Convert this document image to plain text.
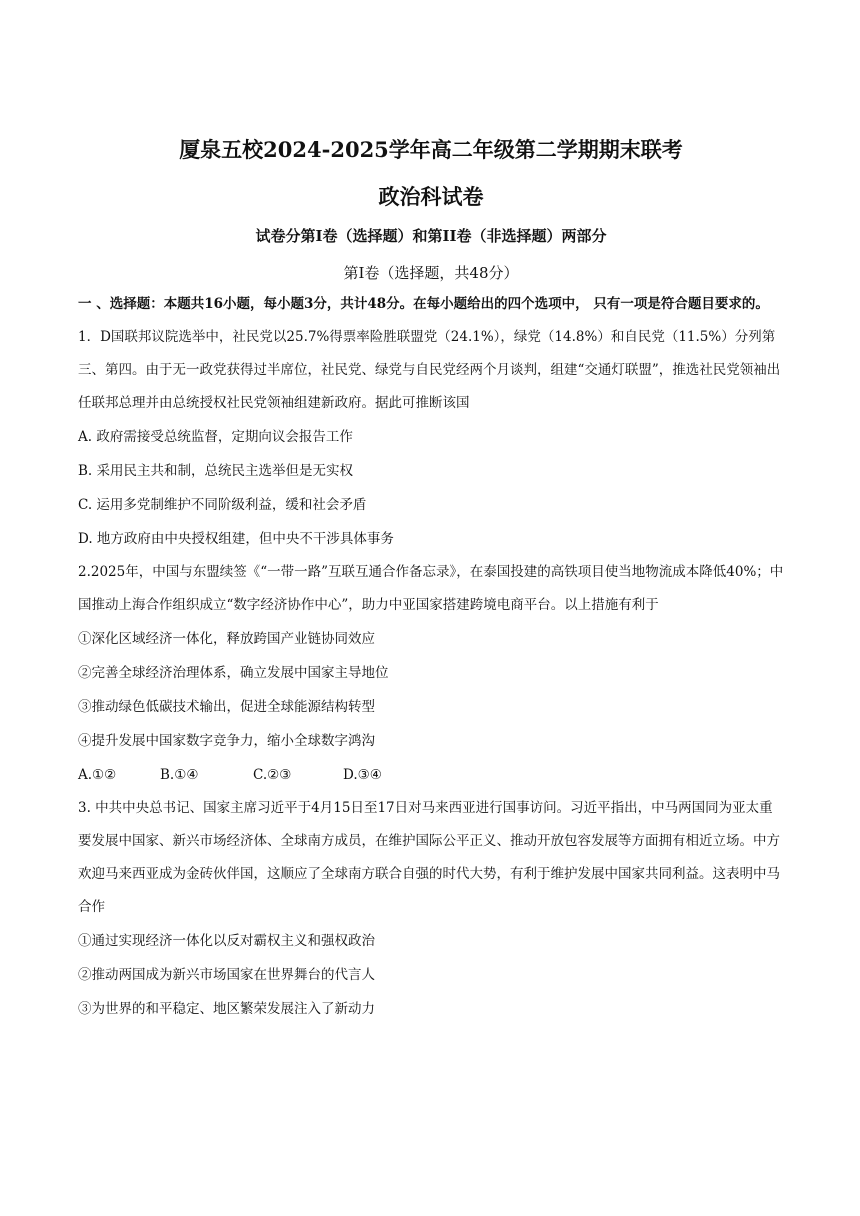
厦泉五校2024-2025学年高二年级第二学期期末联考
政治科试卷
试卷分第I卷（选择题）和第II卷（非选择题）两部分
第I卷（选择题，共48分）
一 、选择题：本题共16小题，每小题3分，共计48分。在每小题给出的四个选项中， 只有一项是符合题目要求的。
1．D国联邦议院选举中，社民党以25.7%得票率险胜联盟党（24.1%），绿党（14.8%）和自民党（11.5%）分列第三、第四。由于无一政党获得过半席位，社民党、绿党与自民党经两个月谈判，组建“交通灯联盟”，推选社民党领袖出任联邦总理并由总统授权社民党领袖组建新政府。据此可推断该国
A. 政府需接受总统监督，定期向议会报告工作
B. 采用民主共和制，总统民主选举但是无实权
C. 运用多党制维护不同阶级利益，缓和社会矛盾
D. 地方政府由中央授权组建，但中央不干涉具体事务
2.2025年，中国与东盟续签《“一带一路”互联互通合作备忘录》，在泰国投建的高铁项目使当地物流成本降低40%；中国推动上海合作组织成立“数字经济协作中心”，助力中亚国家搭建跨境电商平台。以上措施有利于
①深化区域经济一体化，释放跨国产业链协同效应
②完善全球经济治理体系，确立发展中国家主导地位
③推动绿色低碳技术输出，促进全球能源结构转型
④提升发展中国家数字竞争力，缩小全球数字鸿沟
A.①②	B.①④	C.②③	D.③④
3. 中共中央总书记、国家主席习近平于4月15日至17日对马来西亚进行国事访问。习近平指出，中马两国同为亚太重要发展中国家、新兴市场经济体、全球南方成员，在维护国际公平正义、推动开放包容发展等方面拥有相近立场。中方欢迎马来西亚成为金砖伙伴国，这顺应了全球南方联合自强的时代大势，有利于维护发展中国家共同利益。这表明中马合作
①通过实现经济一体化以反对霸权主义和强权政治
②推动两国成为新兴市场国家在世界舞台的代言人
③为世界的和平稳定、地区繁荣发展注入了新动力
